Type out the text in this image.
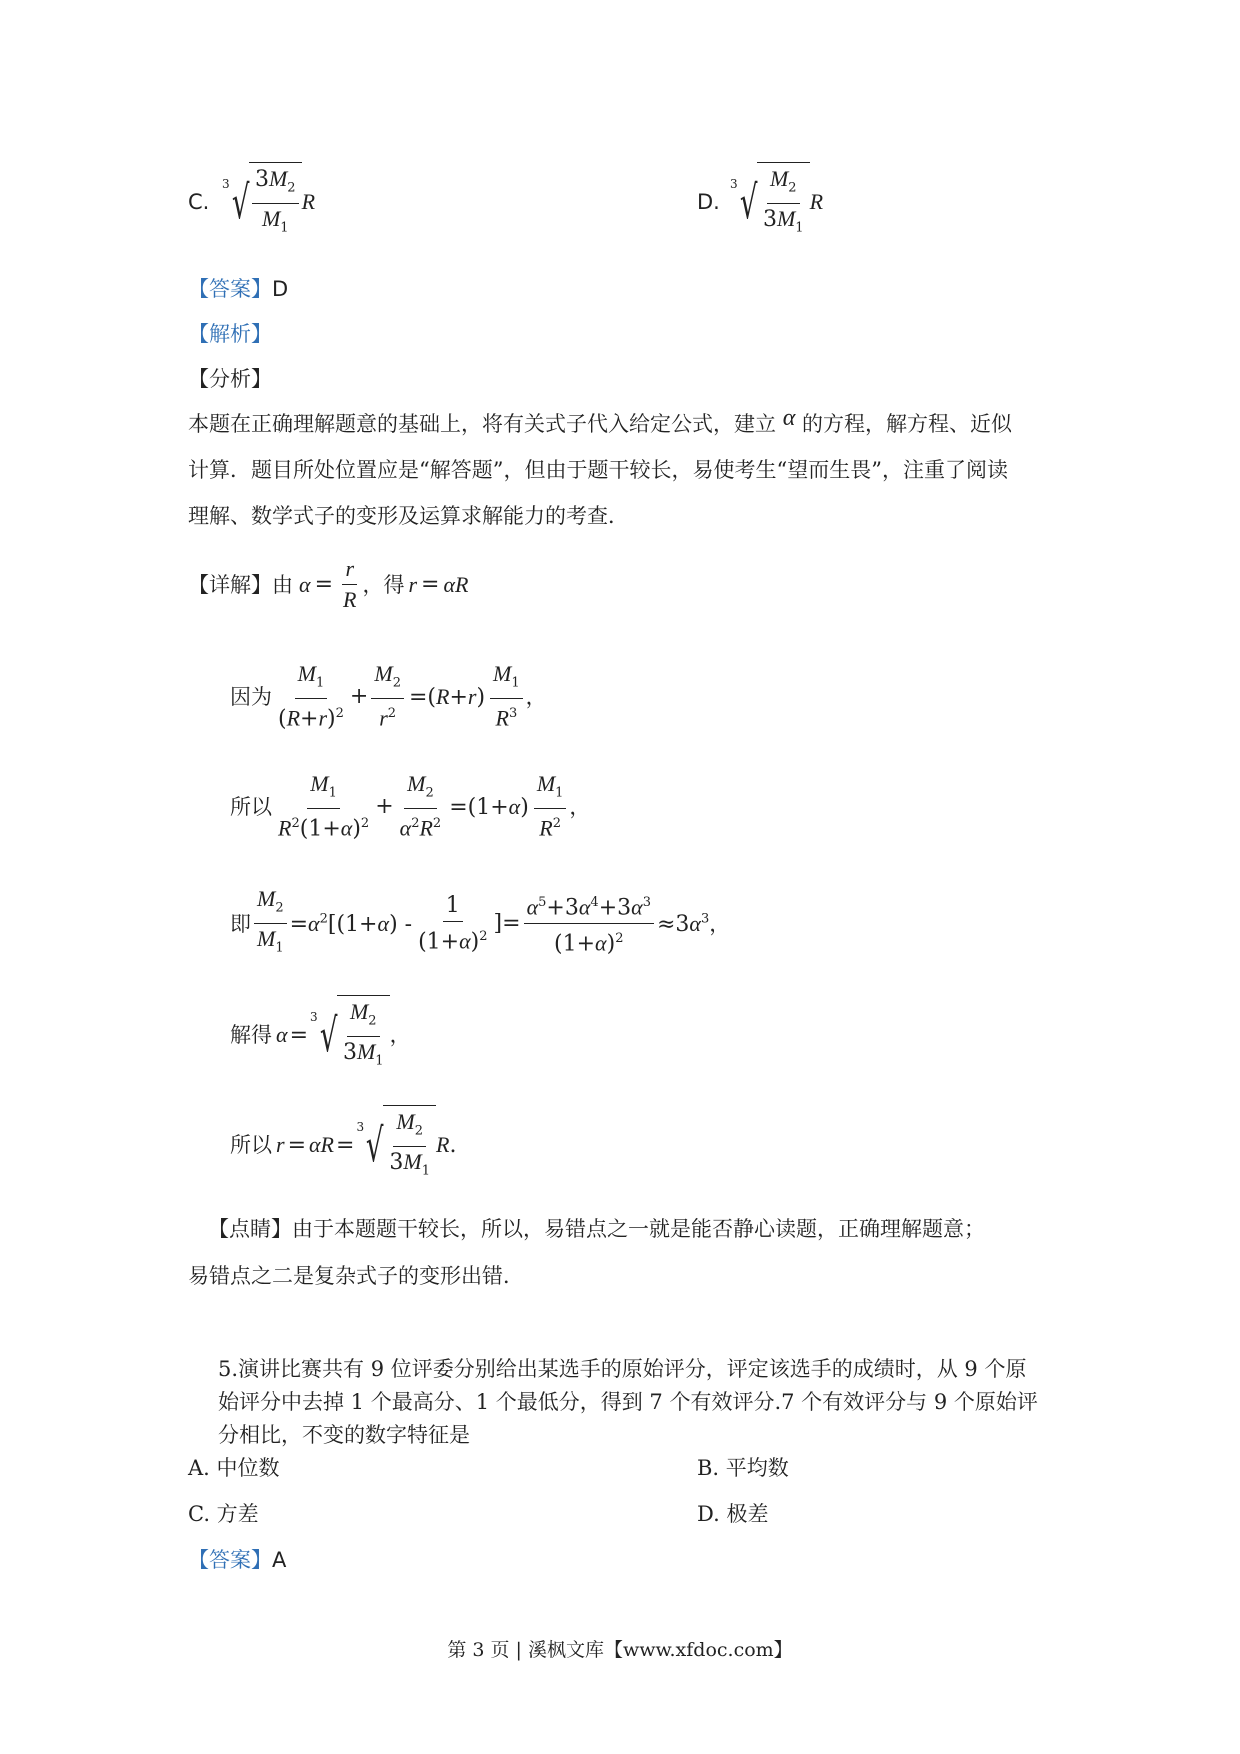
C.
3 √ $\frac{3M_2}{M_1}$ R	D.
3 √ $\frac{M_2}{3M_1}$ R
【答案】D
【解析】
【分析】
本题在正确理解题意的基础上，将有关式子代入给定公式，建立 α 的方程，解方程、近似
计算．题目所处位置应是“解答题”，但由于题干较长，易使考生“望而生畏”，注重了阅读
理解、数学式子的变形及运算求解能力的考查．
【详解】由 $\alpha = \frac{r}{R}$ ，得 r = αR
因为 $\frac{M_1}{(R+r)^2} + \frac{M_2}{r^2} =(R+r) \frac{M_1}{R^3}$ ，
所以 $\frac{M_1}{R^2(1+\alpha)^2} + \frac{M_2}{\alpha^2R^2} =(1+\alpha) \frac{M_1}{R^2}$ ，
即 $\frac{M_2}{M_1} =\alpha^2[(1+\alpha) - \frac{1}{(1+\alpha)^2}$ ]= $\frac{\alpha^5+3\alpha^4+3\alpha^3}{(1+\alpha)^2} \approx 3\alpha^3$ ，
解得 α =
3 √ $\frac{M_2}{3M_1}$ ，
所以 r = αR =
3 √ $\frac{M_2}{3M_1}$ R .
【点睛】由于本题题干较长，所以，易错点之一就是能否静心读题，正确理解题意；
易错点之二是复杂式子的变形出错．
5.演讲比赛共有 9 位评委分别给出某选手的原始评分，评定该选手的成绩时，从 9 个原
始评分中去掉 1 个最高分、1 个最低分，得到 7 个有效评分.7 个有效评分与 9 个原始评
分相比，不变的数字特征是
A. 中位数	B. 平均数
C. 方差	D. 极差
【答案】A
第 3 页 | 溪枫文库【www.xfdoc.com】
